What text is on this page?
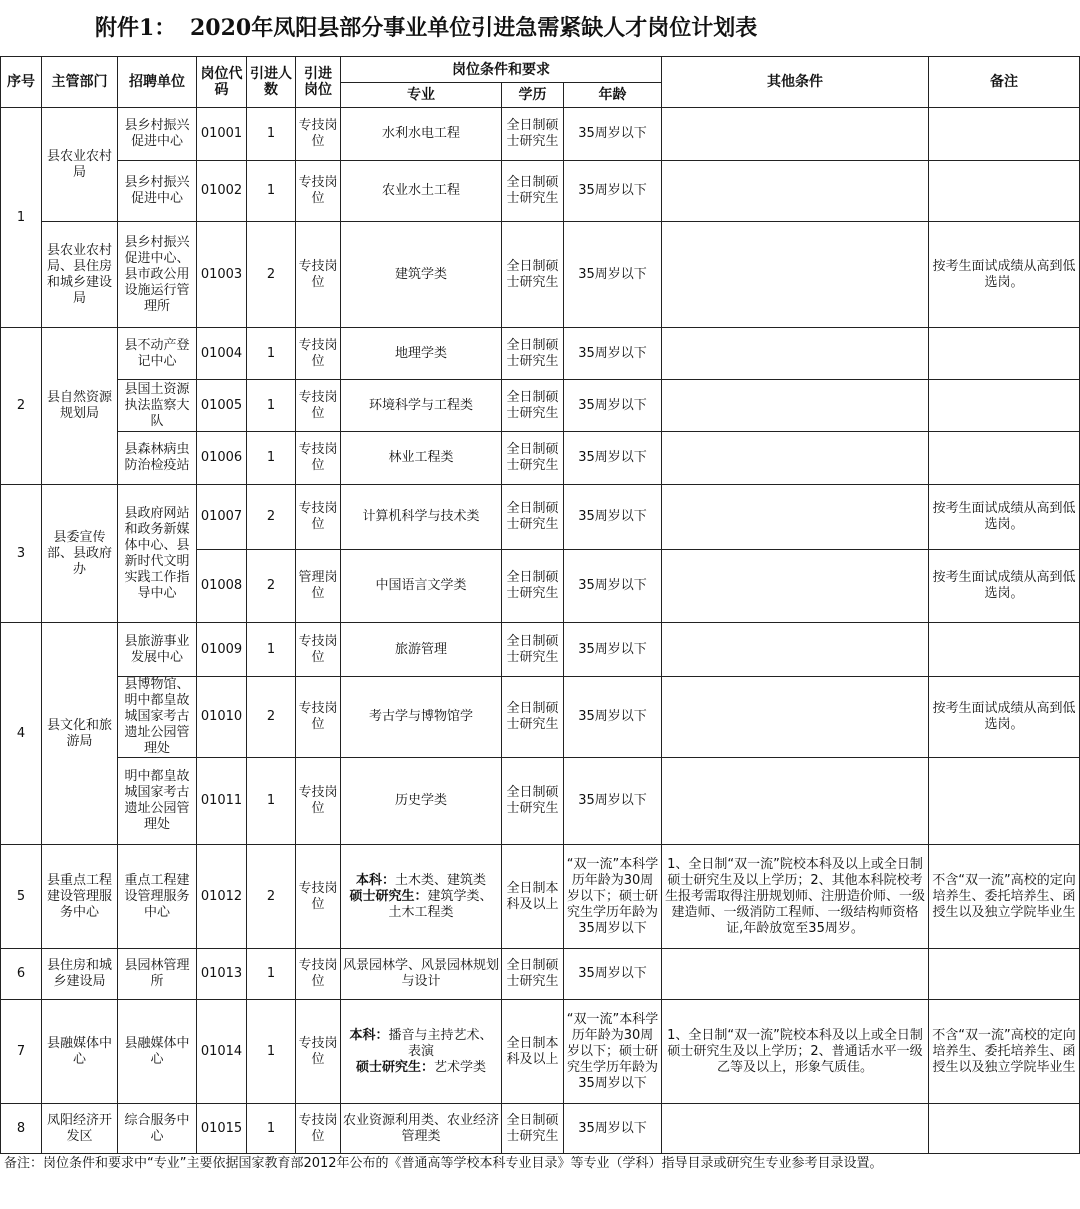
附件1： 2020年凤阳县部分事业单位引进急需紧缺人才岗位计划表
序号	主管部门	招聘单位	岗位代码	引进人数	引进岗位	岗位条件和要求			其他条件	备注
						专业	学历	年龄		
1	县农业农村局	县乡村振兴促进中心	01001	1	专技岗位	水利水电工程	全日制硕士研究生	35周岁以下		
		县乡村振兴促进中心	01002	1	专技岗位	农业水土工程	全日制硕士研究生	35周岁以下		
	县农业农村局、县住房和城乡建设局	县乡村振兴促进中心、县市政公用设施运行管理所	01003	2	专技岗位	建筑学类	全日制硕士研究生	35周岁以下		按考生面试成绩从高到低选岗。
2	县自然资源规划局	县不动产登记中心	01004	1	专技岗位	地理学类	全日制硕士研究生	35周岁以下		
		县国土资源执法监察大队	01005	1	专技岗位	环境科学与工程类	全日制硕士研究生	35周岁以下		
		县森林病虫防治检疫站	01006	1	专技岗位	林业工程类	全日制硕士研究生	35周岁以下		
3	县委宣传部、县政府办	县政府网站和政务新媒体中心、县新时代文明实践工作指导中心	01007	2	专技岗位	计算机科学与技术类	全日制硕士研究生	35周岁以下		按考生面试成绩从高到低选岗。
			01008	2	管理岗位	中国语言文学类	全日制硕士研究生	35周岁以下		按考生面试成绩从高到低选岗。
4	县文化和旅游局	县旅游事业发展中心	01009	1	专技岗位	旅游管理	全日制硕士研究生	35周岁以下		
		县博物馆、明中都皇故城国家考古遗址公园管理处	01010	2	专技岗位	考古学与博物馆学	全日制硕士研究生	35周岁以下		按考生面试成绩从高到低选岗。
		明中都皇故城国家考古遗址公园管理处	01011	1	专技岗位	历史学类	全日制硕士研究生	35周岁以下		
5	县重点工程建设管理服务中心	重点工程建设管理服务中心	01012	2	专技岗位	本科：土木类、建筑类
硕士研究生：建筑学类、土木工程类	全日制本科及以上	“双一流”本科学历年龄为30周岁以下；硕士研究生学历年龄为35周岁以下	1、全日制“双一流”院校本科及以上或全日制硕士研究生及以上学历；2、其他本科院校考生报考需取得注册规划师、注册造价师、一级建造师、一级消防工程师、一级结构师资格证,年龄放宽至35周岁。	不含“双一流”高校的定向培养生、委托培养生、函授生以及独立学院毕业生
6	县住房和城乡建设局	县园林管理所	01013	1	专技岗位	风景园林学、风景园林规划与设计	全日制硕士研究生	35周岁以下		
7	县融媒体中心	县融媒体中心	01014	1	专技岗位	本科：播音与主持艺术、表演
硕士研究生：艺术学类	全日制本科及以上	“双一流”本科学历年龄为30周岁以下；硕士研究生学历年龄为35周岁以下	1、全日制“双一流”院校本科及以上或全日制硕士研究生及以上学历；2、普通话水平一级乙等及以上，形象气质佳。	不含“双一流”高校的定向培养生、委托培养生、函授生以及独立学院毕业生
8	凤阳经济开发区	综合服务中心	01015	1	专技岗位	农业资源利用类、农业经济管理类	全日制硕士研究生	35周岁以下		
备注：岗位条件和要求中“专业”主要依据国家教育部2012年公布的《普通高等学校本科专业目录》等专业（学科）指导目录或研究生专业参考目录设置。
